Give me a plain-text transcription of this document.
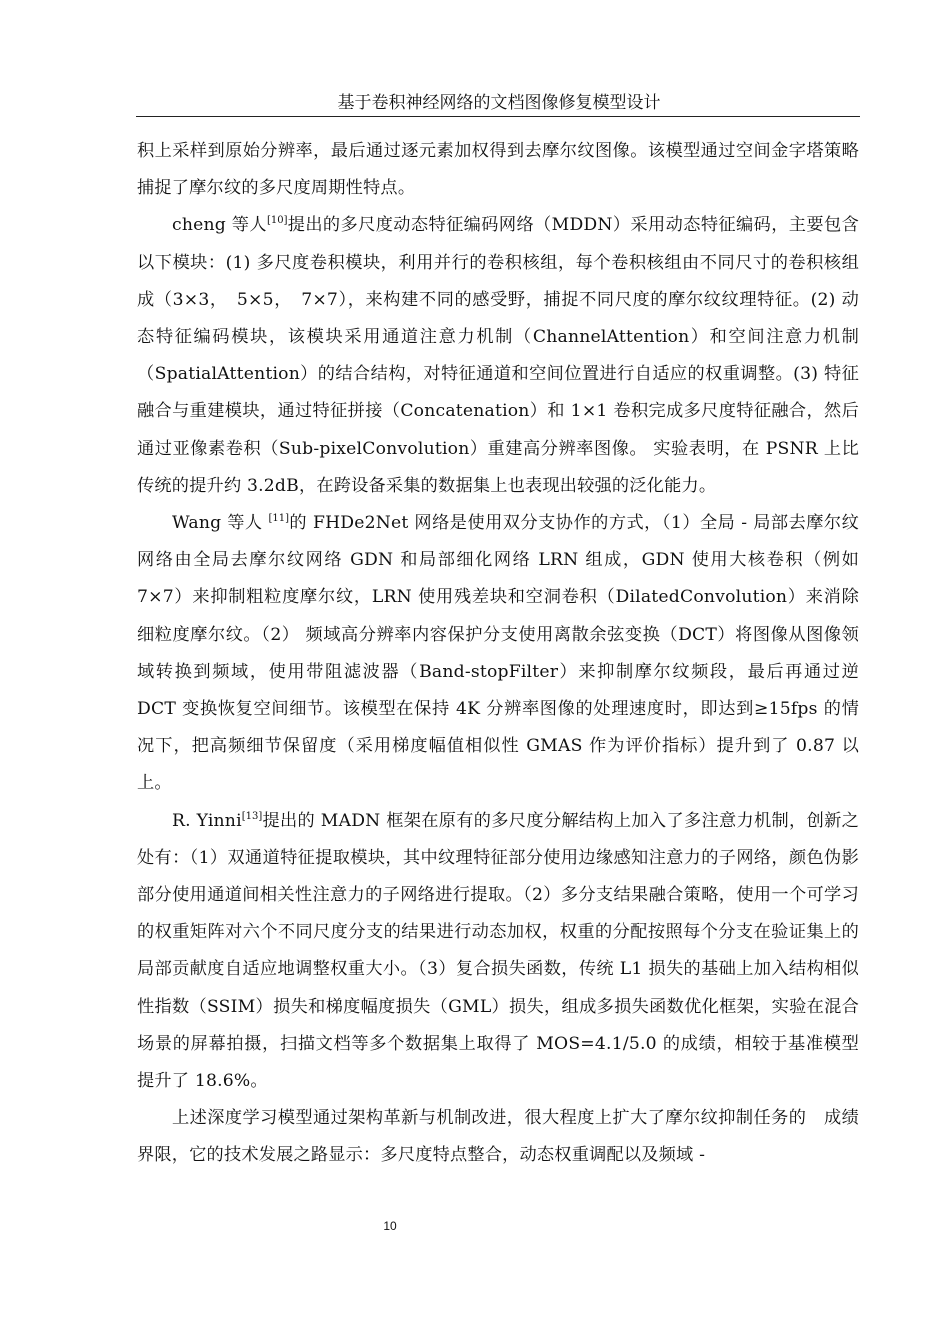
基于卷积神经网络的文档图像修复模型设计

积上采样到原始分辨率，最后通过逐元素加权得到去摩尔纹图像。该模型通过空间金字塔策略捕捉了摩尔纹的多尺度周期性特点。

cheng 等人[10]提出的多尺度动态特征编码网络（MDDN）采用动态特征编码，主要包含以下模块：(1) 多尺度卷积模块，利用并行的卷积核组，每个卷积核组由不同尺寸的卷积核组成（3×3，　5×5，　7×7），来构建不同的感受野，捕捉不同尺度的摩尔纹纹理特征。(2) 动态特征编码模块，该模块采用通道注意力机制（ChannelAttention）和空间注意力机制（SpatialAttention）的结合结构，对特征通道和空间位置进行自适应的权重调整。(3) 特征融合与重建模块，通过特征拼接（Concatenation）和 1×1 卷积完成多尺度特征融合，然后通过亚像素卷积（Sub-pixelConvolution）重建高分辨率图像。 实验表明，在 PSNR 上比传统的提升约 3.2dB，在跨设备采集的数据集上也表现出较强的泛化能力。

Wang 等人 [11]的 FHDe2Net 网络是使用双分支协作的方式，（1）全局 - 局部去摩尔纹网络由全局去摩尔纹网络 GDN 和局部细化网络 LRN 组成，GDN 使用大核卷积（例如 7×7）来抑制粗粒度摩尔纹，LRN 使用残差块和空洞卷积（DilatedConvolution）来消除细粒度摩尔纹。（2） 频域高分辨率内容保护分支使用离散余弦变换（DCT）将图像从图像领域转换到频域，使用带阻滤波器（Band-stopFilter）来抑制摩尔纹频段，最后再通过逆 DCT 变换恢复空间细节。该模型在保持 4K 分辨率图像的处理速度时，即达到≥15fps 的情况下，把高频细节保留度（采用梯度幅值相似性 GMAS 作为评价指标）提升到了 0.87 以上。

R. Yinni[13]提出的 MADN 框架在原有的多尺度分解结构上加入了多注意力机制，创新之处有：（1）双通道特征提取模块，其中纹理特征部分使用边缘感知注意力的子网络，颜色伪影部分使用通道间相关性注意力的子网络进行提取。（2）多分支结果融合策略，使用一个可学习的权重矩阵对六个不同尺度分支的结果进行动态加权，权重的分配按照每个分支在验证集上的局部贡献度自适应地调整权重大小。（3）复合损失函数，传统 L1 损失的基础上加入结构相似性指数（SSIM）损失和梯度幅度损失（GML）损失，组成多损失函数优化框架，实验在混合场景的屏幕拍摄，扫描文档等多个数据集上取得了 MOS=4.1/5.0 的成绩，相较于基准模型提升了 18.6%。

上述深度学习模型通过架构革新与机制改进，很大程度上扩大了摩尔纹抑制任务的　成绩界限，它的技术发展之路显示：多尺度特点整合，动态权重调配以及频域 -

10
